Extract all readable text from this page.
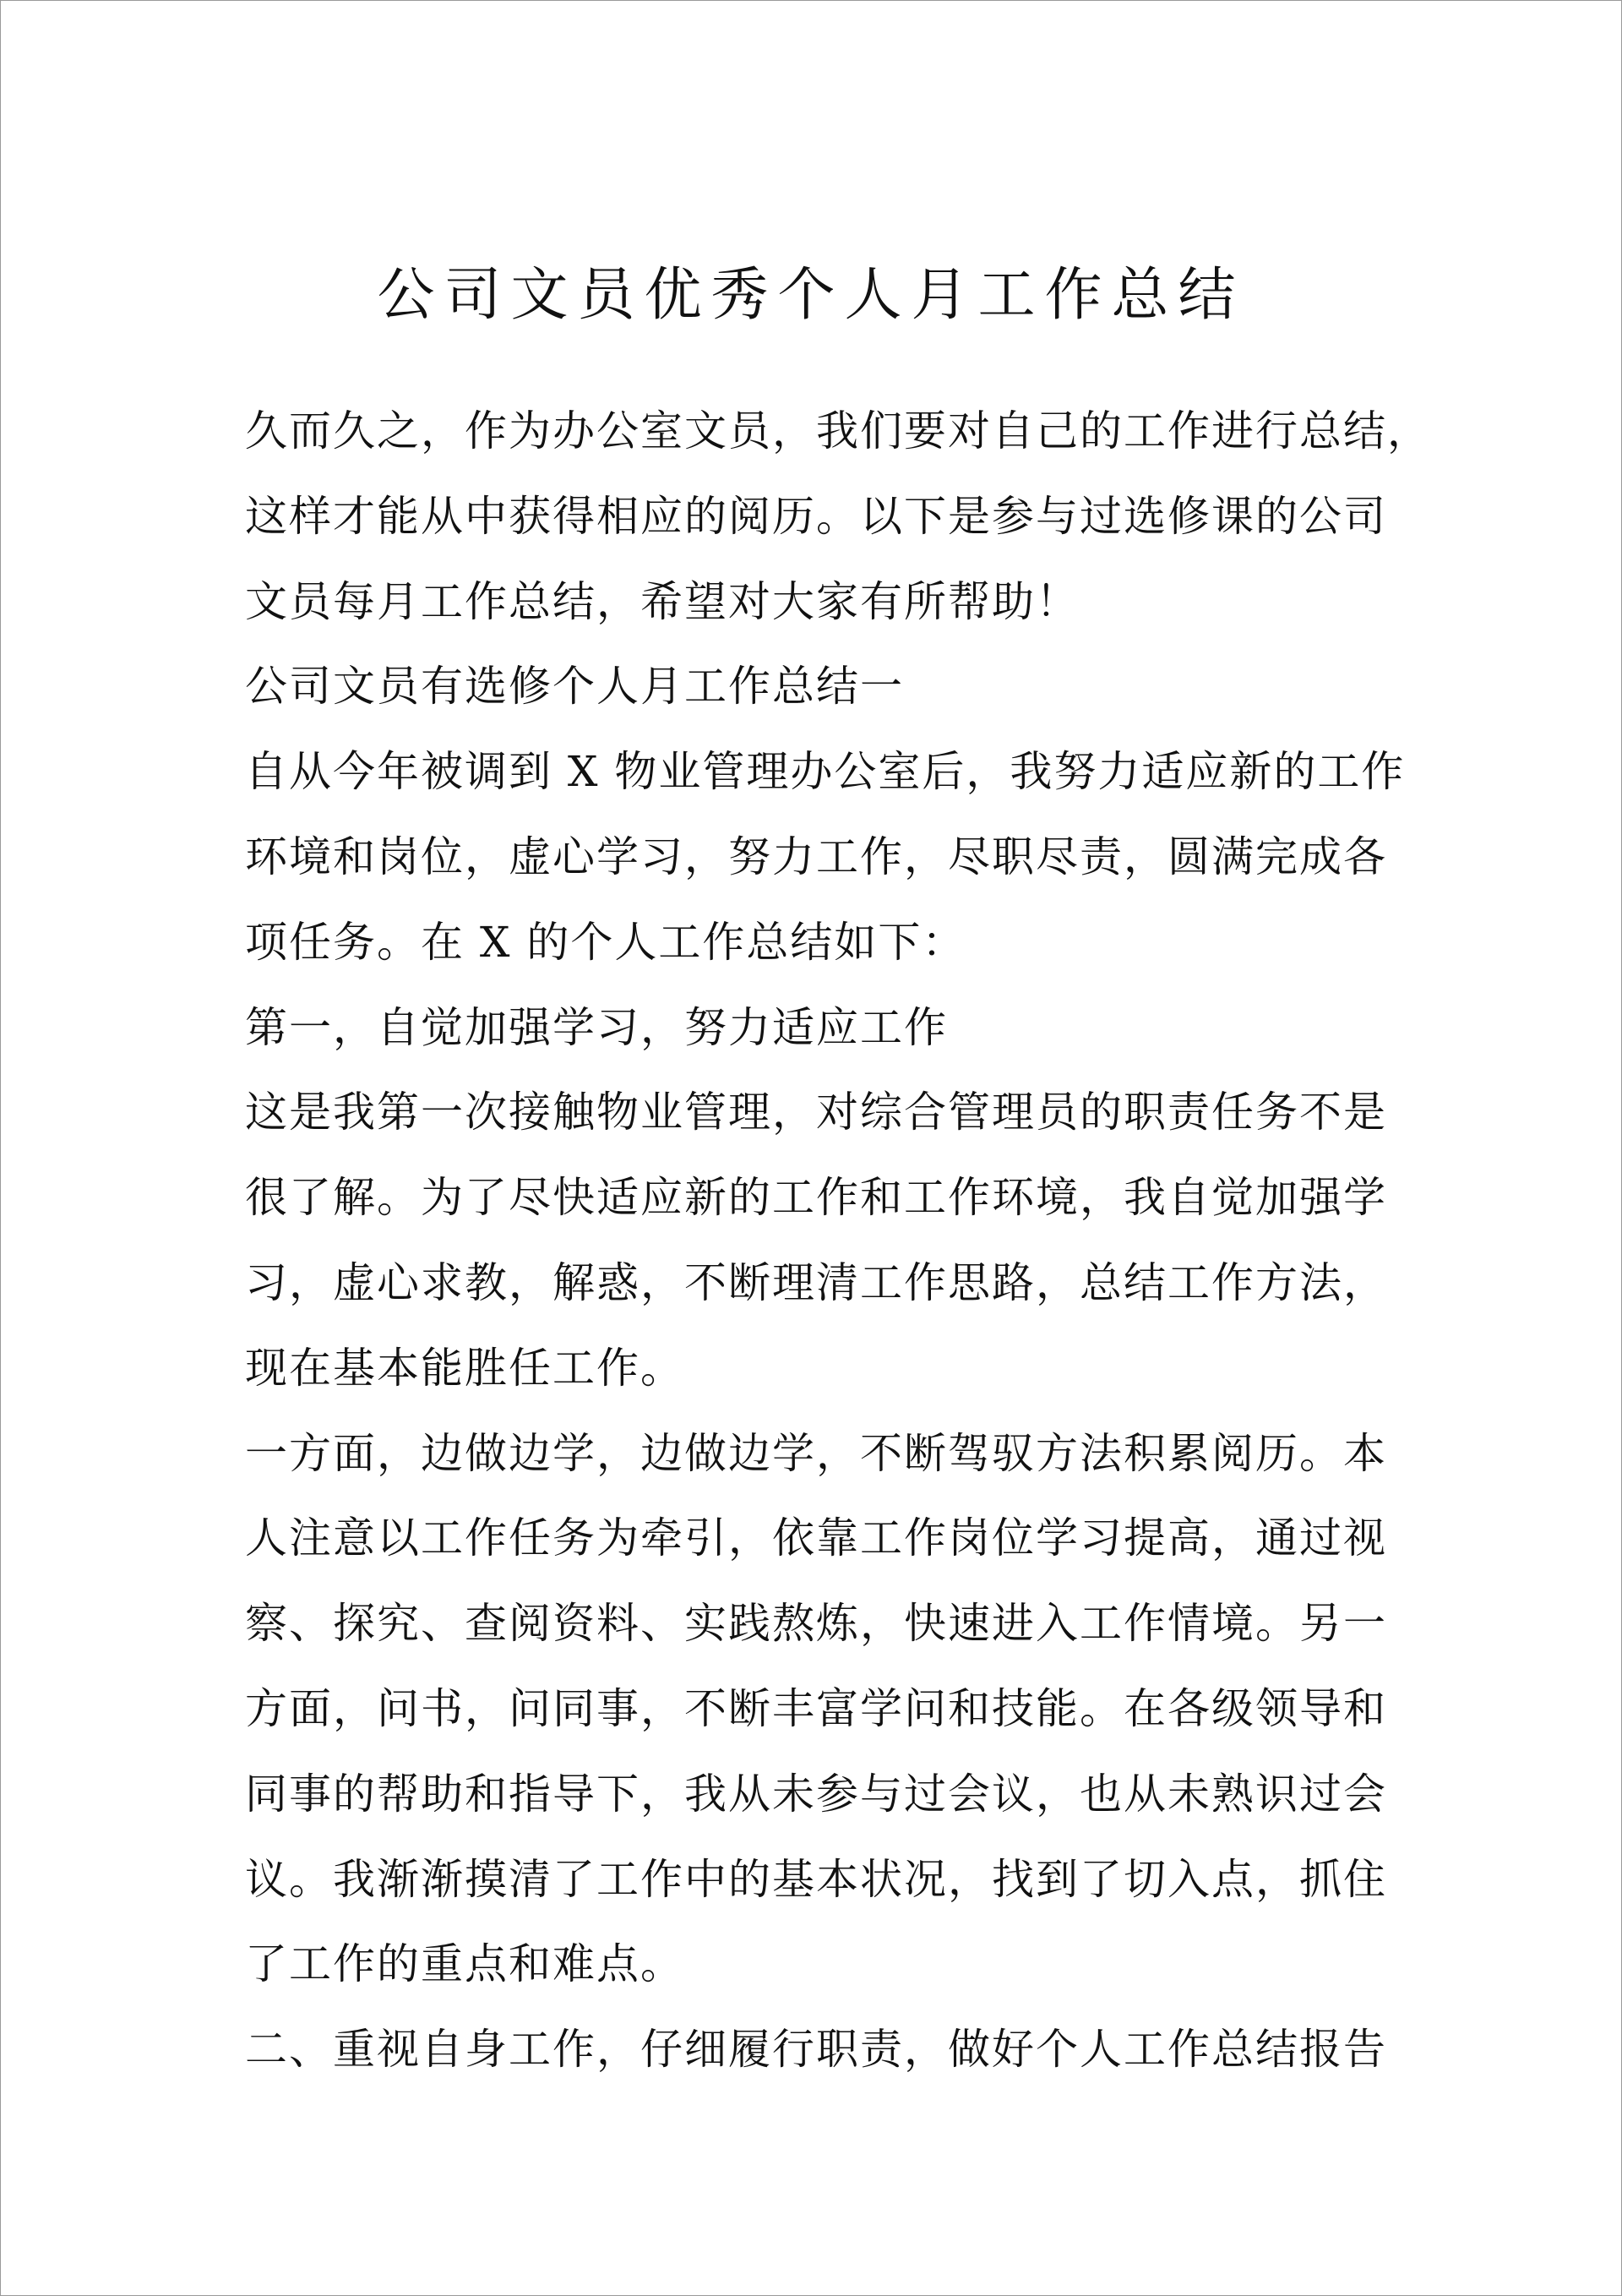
公司文员优秀个人月工作总结
久而久之，作为办公室文员，我们要对自己的工作进行总结，
这样才能从中获得相应的阅历。以下是参与过选修课的公司
文员每月工作总结，希望对大家有所帮助！
公司文员有选修个人月工作总结一
自从今年被调到 X 物业管理办公室后，我努力适应新的工作
环境和岗位，虚心学习，努力工作，尽职尽责，圆满完成各
项任务。在 X 的个人工作总结如下：
第一，自觉加强学习，努力适应工作
这是我第一次接触物业管理，对综合管理员的职责任务不是
很了解。为了尽快适应新的工作和工作环境，我自觉加强学
习，虚心求教，解惑，不断理清工作思路，总结工作方法，
现在基本能胜任工作。
一方面，边做边学，边做边学，不断驾驭方法积累阅历。本
人注意以工作任务为牵引，依靠工作岗位学习提高，通过视
察、探究、查阅资料、实践熬炼，快速进入工作情境。另一
方面，问书，问同事，不断丰富学问和技能。在各级领导和
同事的帮助和指导下，我从未参与过会议，也从未熟识过会
议。我渐渐摸清了工作中的基本状况，找到了切入点，抓住
了工作的重点和难点。
二、重视自身工作，仔细履行职责，做好个人工作总结报告
